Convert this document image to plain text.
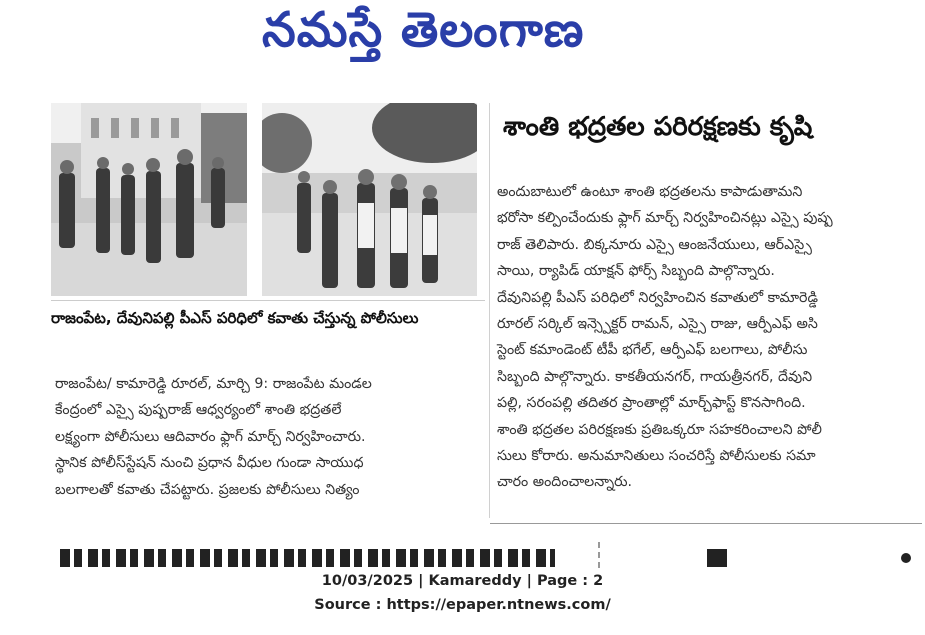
నమస్తే తెలంగాణ
రాజంపేట, దేవునిపల్లి పీఎస్ పరిధిలో కవాతు చేస్తున్న పోలీసులు
శాంతి భద్రతల పరిరక్షణకు కృషి

అందుబాటులో ఉంటూ శాంతి భద్రతలను కాపాడుతామని

భరోసా కల్పించేందుకు ఫ్లాగ్ మార్చ్ నిర్వహించినట్లు ఎస్సై పుష్ప

రాజ్ తెలిపారు. బిక్కనూరు ఎస్సై ఆంజనేయులు, ఆర్ఎస్సై

సాయి, ర్యాపిడ్ యాక్షన్ ఫోర్స్ సిబ్బంది పాల్గొన్నారు.

దేవునిపల్లి పీఎస్ పరిధిలో నిర్వహించిన కవాతులో కామారెడ్డి

రూరల్ సర్కిల్ ఇన్స్పెక్టర్ రామన్, ఎస్సై రాజు, ఆర్పీఎఫ్ అసి

స్టెంట్ కమాండెంట్ టీపీ భగేల్, ఆర్పీఎఫ్ బలగాలు, పోలీసు

సిబ్బంది పాల్గొన్నారు. కాకతీయనగర్, గాయత్రీనగర్, దేవుని

పల్లి, సరంపల్లి తదితర ప్రాంతాల్లో మార్చ్‌ఫాస్ట్ కొనసాగింది.

శాంతి భద్రతల పరిరక్షణకు ప్రతిఒక్కరూ సహకరించాలని పోలీ

సులు కోరారు. అనుమానితులు సంచరిస్తే పోలీసులకు సమా

చారం అందించాలన్నారు.

రాజంపేట/ కామారెడ్డి రూరల్, మార్చి 9: రాజంపేట మండల

కేంద్రంలో ఎస్సై పుష్పరాజ్ ఆధ్వర్యంలో శాంతి భద్రతలే

లక్ష్యంగా పోలీసులు ఆదివారం ఫ్లాగ్ మార్చ్ నిర్వహించారు.

స్థానిక పోలీస్‌స్టేషన్ నుంచి ప్రధాన వీధుల గుండా సాయుధ

బలగాలతో కవాతు చేపట్టారు. ప్రజలకు పోలీసులు నిత్యం

10/03/2025 | Kamareddy | Page : 2
Source : https://epaper.ntnews.com/
